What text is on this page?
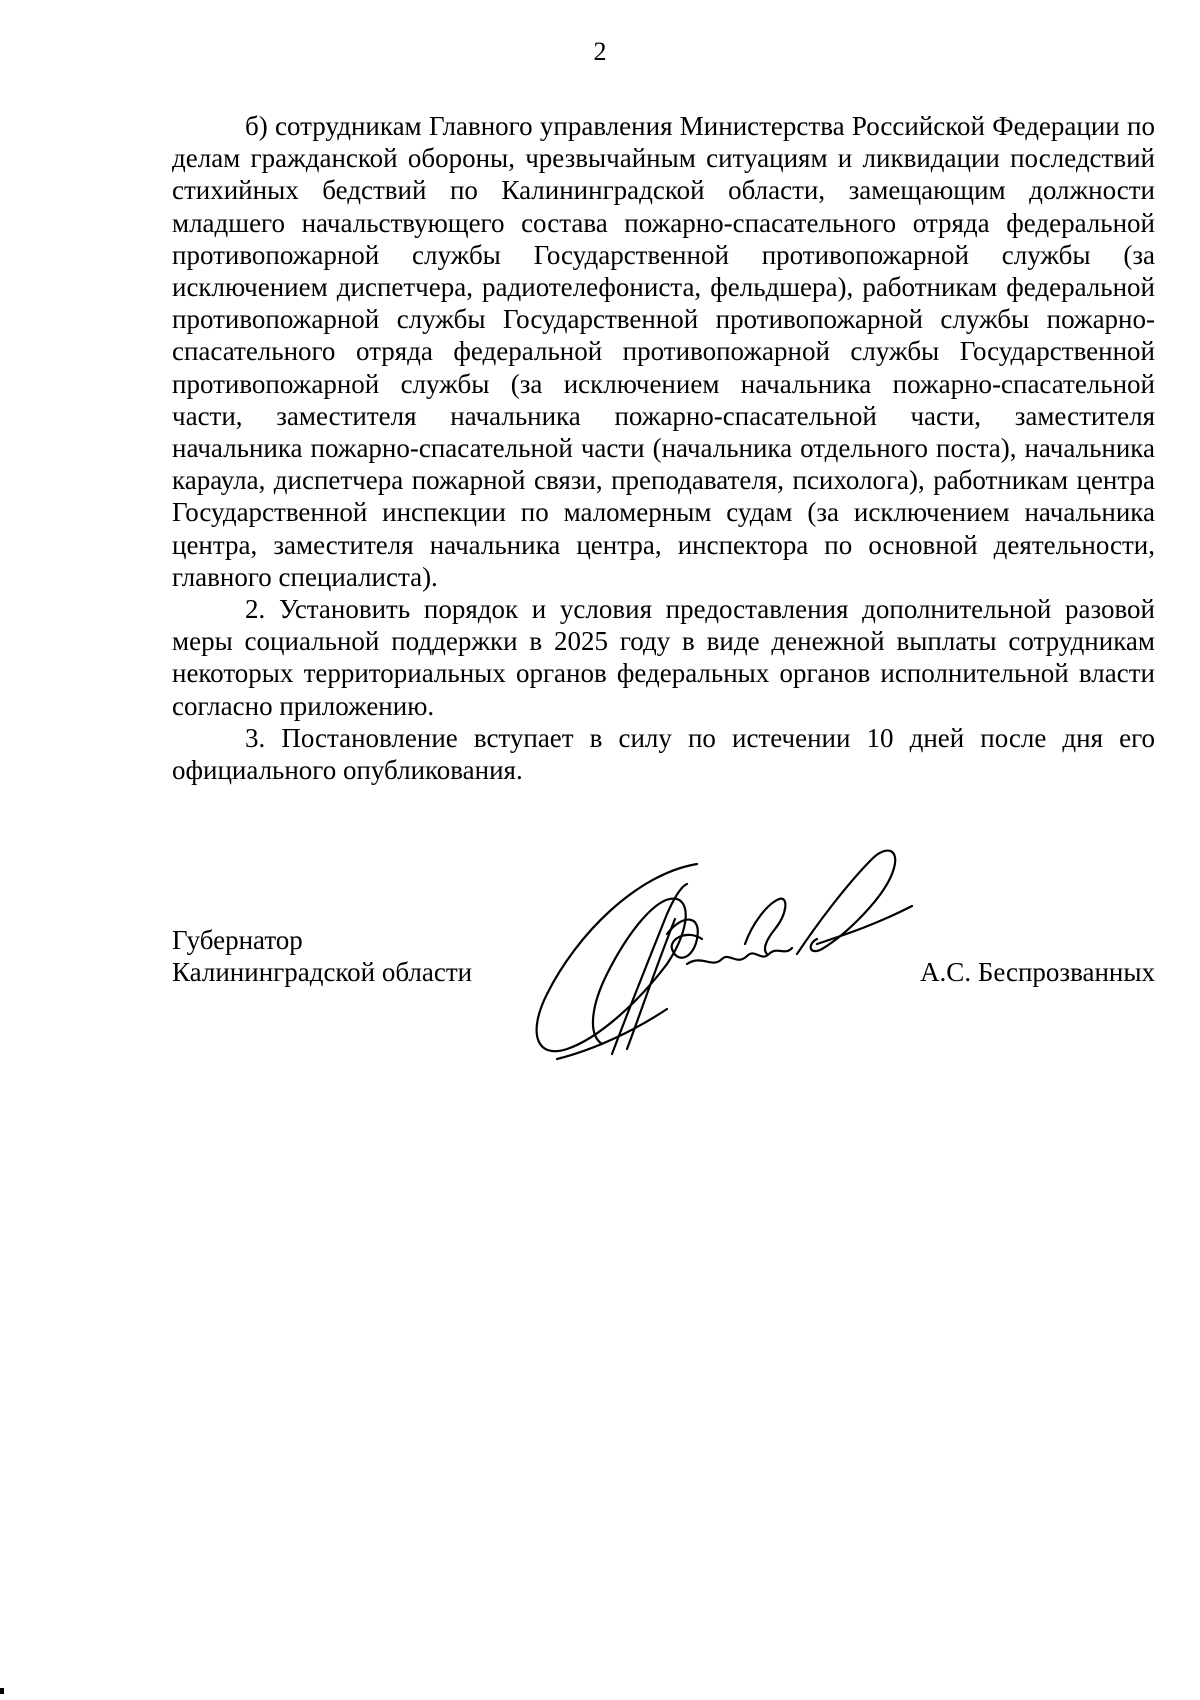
2

б) сотрудникам Главного управления Министерства Российской Федерации по делам гражданской обороны, чрезвычайным ситуациям и ликвидации последствий стихийных бедствий по Калининградской области, замещающим должности младшего начальствующего состава пожарно-спасательного отряда федеральной противопожарной службы Государственной противопожарной службы (за исключением диспетчера, радиотелефониста, фельдшера), работникам федеральной противопожарной службы Государственной противопожарной службы пожарно-спасательного отряда федеральной противопожарной службы Государственной противопожарной службы (за исключением начальника пожарно-спасательной части, заместителя начальника пожарно-спасательной части, заместителя начальника пожарно-спасательной части (начальника отдельного поста), начальника караула, диспетчера пожарной связи, преподавателя, психолога), работникам центра Государственной инспекции по маломерным судам (за исключением начальника центра, заместителя начальника центра, инспектора по основной деятельности, главного специалиста).

2. Установить порядок и условия предоставления дополнительной разовой меры социальной поддержки в 2025 году в виде денежной выплаты сотрудникам некоторых территориальных органов федеральных органов исполнительной власти согласно приложению.

3. Постановление вступает в силу по истечении 10 дней после дня его официального опубликования.

Губернатор
Калининградской области	А.С. Беспрозванных
